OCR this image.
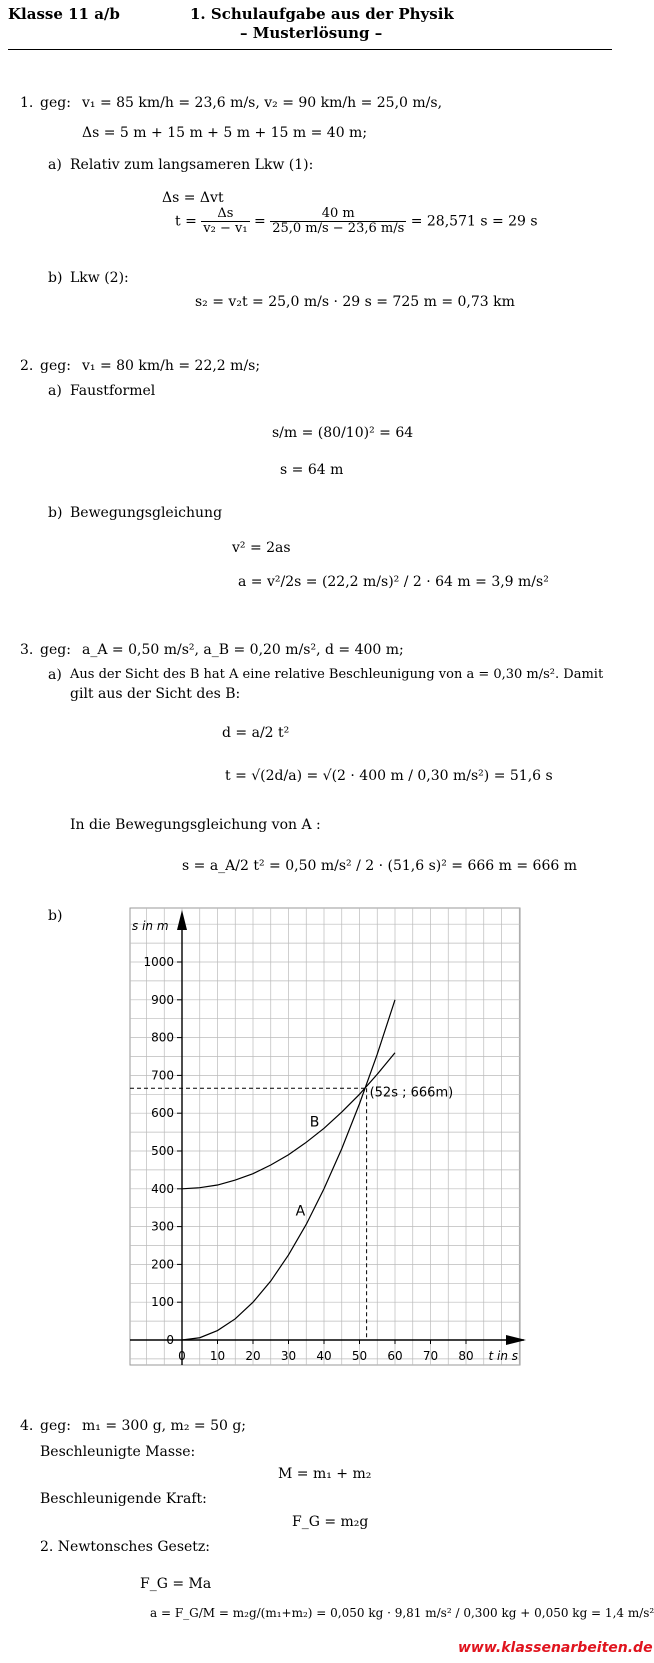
Klasse 11 a/b	1. Schulaufgabe aus der Physik
– Musterlösung –
1. geg: v₁ = 85 km/h = 23,6 m/s, v₂ = 90 km/h = 25,0 m/s,
Δs = 5 m + 15 m + 5 m + 15 m = 40 m;
a) Relativ zum langsameren Lkw (1):
Δs = Δvt
$t = \frac{\Delta s}{\text{v₂ − v₁}} = \frac{40 m}{25,0 m/s - 23,6 m/s} = 28,571$ s = 29 s
b) Lkw (2):
s₂ = v₂t = 25,0 m/s · 29 s = 725 m = 0,73 km
2. geg: v₁ = 80 km/h = 22,2 m/s;
a) Faustformel
s/m = (80/10)² = 64
s = 64 m
b) Bewegungsgleichung
v² = 2as
a = v²/2s = (22,2 m/s)² / 2 · 64 m = 3,9 m/s²
3. geg: a_A = 0,50 m/s², a_B = 0,20 m/s², d = 400 m;
a) Aus der Sicht des B hat A eine relative Beschleunigung von a = 0,30 m/s². Damit
gilt aus der Sicht des B:
d = a/2 t²
t = √(2d/a) = √(2 · 400 m / 0,30 m/s²) = 51,6 s
In die Bewegungsgleichung von A :
s = a_A/2 t² = 0,50 m/s² / 2 · (51,6 s)² = 666 m = 666 m
b)
0
100
200
300
400
500
600
700
800
900
1000
0 10 20 30 40 50 60 70 80
s in m
t in s
A
B
(52s ; 666m)
4. geg: m₁ = 300 g, m₂ = 50 g;
Beschleunigte Masse:
M = m₁ + m₂
Beschleunigende Kraft:
F_G = m₂g
2. Newtonsches Gesetz:
F_G = Ma
a = F_G/M = m₂g/(m₁+m₂) = 0,050 kg · 9,81 m/s² / 0,300 kg + 0,050 kg = 1,4 m/s²
www.klassenarbeiten.de
